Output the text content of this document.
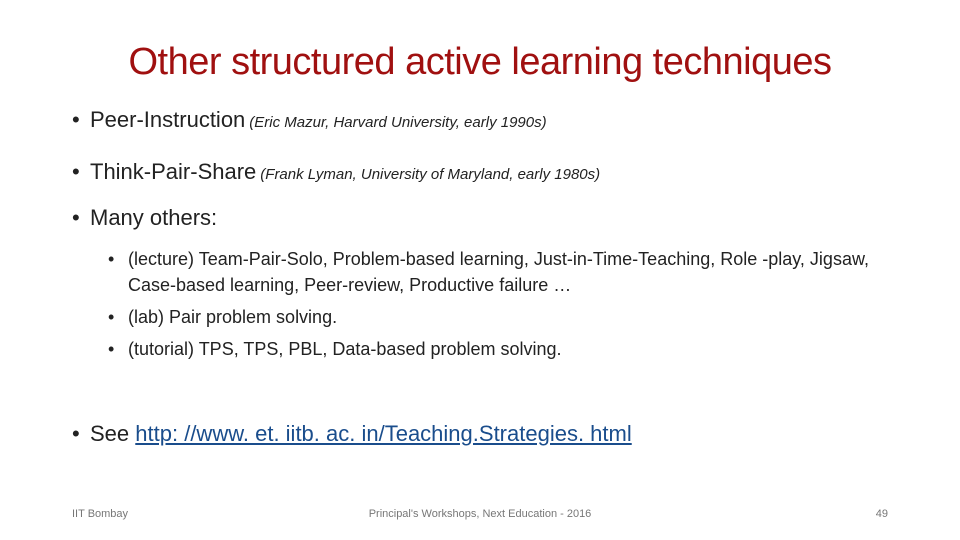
Other structured active learning techniques
• Peer-Instruction (Eric Mazur, Harvard University, early 1990s)
• Think-Pair-Share (Frank Lyman, University of Maryland, early 1980s)
• Many others:
• (lecture) Team-Pair-Solo, Problem-based learning, Just-in-Time-Teaching, Role -play, Jigsaw, Case-based learning, Peer-review, Productive failure …
• (lab) Pair problem solving.
• (tutorial) TPS, TPS, PBL, Data-based problem solving.
• See http: //www. et. iitb. ac. in/Teaching.Strategies. html
IIT Bombay	Principal's Workshops, Next Education - 2016	49
